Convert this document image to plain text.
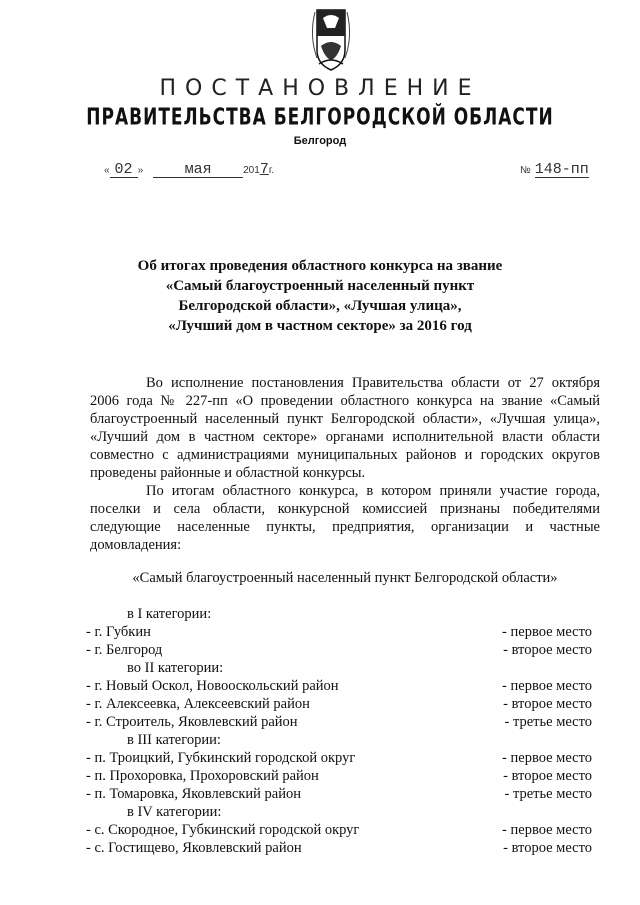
ПОСТАНОВЛЕНИЕ
ПРАВИТЕЛЬСТВА БЕЛГОРОДСКОЙ ОБЛАСТИ
Белгород
« 02 »	мая	2017г.	№ 148-пп
Об итогах проведения областного конкурса на звание
«Самый благоустроенный населенный пункт
Белгородской области», «Лучшая улица»,
«Лучший дом в частном секторе» за 2016 год

Во исполнение постановления Правительства области от 27 октября 2006 года № 227-пп «О проведении областного конкурса на звание «Самый благоустроенный населенный пункт Белгородской области», «Лучшая улица», «Лучший дом в частном секторе» органами исполнительной власти области совместно с администрациями муниципальных районов и городских округов проведены районные и областной конкурсы.

По итогам областного конкурса, в котором приняли участие города, поселки и села области, конкурсной комиссией признаны победителями следующие населенные пункты, предприятия, организации и частные домовладения:

«Самый благоустроенный населенный пункт Белгородской области»
в I категории:
- г. Губкин	- первое место
- г. Белгород	- второе место
во II категории:
- г. Новый Оскол, Новооскольский район	- первое место
- г. Алексеевка, Алексеевский район	- второе место
- г. Строитель, Яковлевский район	- третье место
в III категории:
- п. Троицкий, Губкинский городской округ	- первое место
- п. Прохоровка, Прохоровский район	- второе место
- п. Томаровка, Яковлевский район	- третье место
в IV категории:
- с. Скородное, Губкинский городской округ	- первое место
- с. Гостищево, Яковлевский район	- второе место
